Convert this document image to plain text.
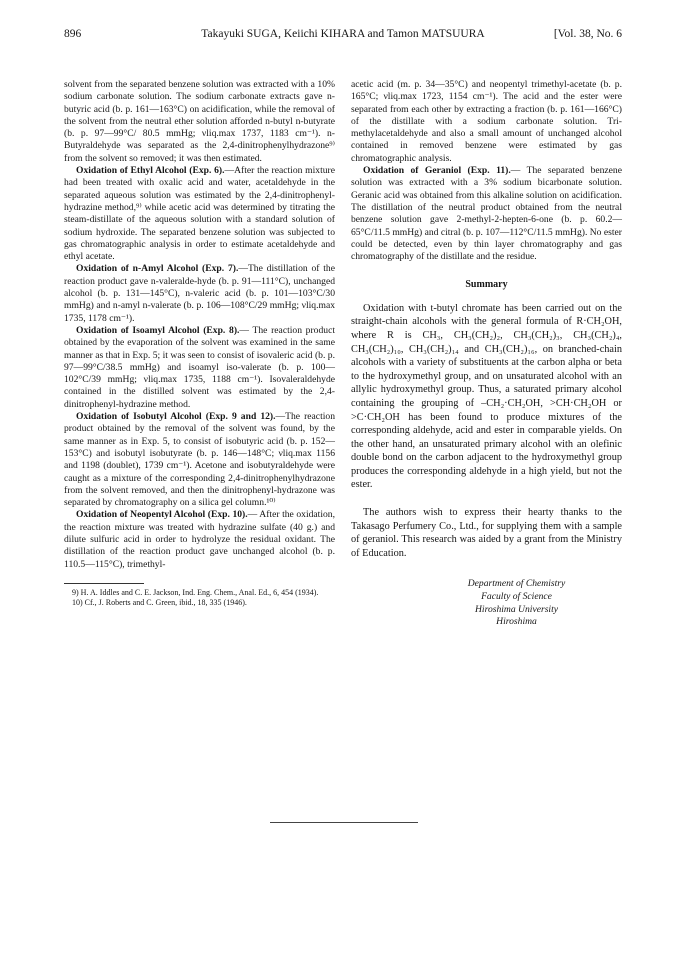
896	Takayuki SUGA, Keiichi KIHARA and Tamon MATSUURA	[Vol. 38, No. 6

solvent from the separated benzene solution was extracted with a 10% sodium carbonate solution. The sodium carbonate extracts gave n-butyric acid (b. p. 161—163°C) on acidification, while the removal of the solvent from the neutral ether solution afforded n-butyl n-butyrate (b. p. 97—99°C/ 80.5 mmHg; νliq.max 1737, 1183 cm⁻¹). n-Butyraldehyde was separated as the 2,4-dinitrophenylhydrazone⁹⁾ from the solvent so removed; it was then estimated.

Oxidation of Ethyl Alcohol (Exp. 6).—After the reaction mixture had been treated with oxalic acid and water, acetaldehyde in the separated aqueous solution was estimated by the 2,4-dinitrophenyl-hydrazine method,⁹⁾ while acetic acid was determined by titrating the steam-distillate of the aqueous solution with a standard solution of sodium hydroxide. The separated benzene solution was subjected to gas chromatographic analysis in order to estimate acetaldehyde and ethyl acetate.

Oxidation of n-Amyl Alcohol (Exp. 7).—The distillation of the reaction product gave n-valeralde-hyde (b. p. 91—111°C), unchanged alcohol (b. p. 131—145°C), n-valeric acid (b. p. 101—103°C/30 mmHg) and n-amyl n-valerate (b. p. 106—108°C/29 mmHg; νliq.max 1735, 1178 cm⁻¹).

Oxidation of Isoamyl Alcohol (Exp. 8).— The reaction product obtained by the evaporation of the solvent was examined in the same manner as that in Exp. 5; it was seen to consist of isovaleric acid (b. p. 97—99°C/38.5 mmHg) and isoamyl iso-valerate (b. p. 100—102°C/39 mmHg; νliq.max 1735, 1188 cm⁻¹). Isovaleraldehyde contained in the distilled solvent was estimated by the 2,4-dinitrophenyl-hydrazine method.

Oxidation of Isobutyl Alcohol (Exp. 9 and 12).—The reaction product obtained by the removal of the solvent was found, by the same manner as in Exp. 5, to consist of isobutyric acid (b. p. 152—153°C) and isobutyl isobutyrate (b. p. 146—148°C; νliq.max 1156 and 1198 (doublet), 1739 cm⁻¹). Acetone and isobutyraldehyde were caught as a mixture of the corresponding 2,4-dinitrophenylhydrazone from the solvent removed, and then the dinitrophenyl-hydrazone was separated by chromatography on a silica gel column.¹⁰⁾

Oxidation of Neopentyl Alcohol (Exp. 10).— After the oxidation, the reaction mixture was treated with hydrazine sulfate (40 g.) and dilute sulfuric acid in order to hydrolyze the residual oxidant. The distillation of the reaction product gave unchanged alcohol (b. p. 110.5—115°C), trimethyl-

9) H. A. Iddles and C. E. Jackson, Ind. Eng. Chem., Anal. Ed., 6, 454 (1934).

10) Cf., J. Roberts and C. Green, ibid., 18, 335 (1946).

acetic acid (m. p. 34—35°C) and neopentyl trimethyl-acetate (b. p. 165°C; νliq.max 1723, 1154 cm⁻¹). The acid and the ester were separated from each other by extracting a fraction (b. p. 161—166°C) of the distillate with a sodium carbonate solution. Tri-methylacetaldehyde and also a small amount of unchanged alcohol contained in removed benzene were estimated by gas chromatographic analysis.

Oxidation of Geraniol (Exp. 11).— The separated benzene solution was extracted with a 3% sodium bicarbonate solution. Geranic acid was obtained from this alkaline solution on acidification. The distillation of the neutral product obtained from the neutral benzene solution gave 2-methyl-2-hepten-6-one (b. p. 60.2—65°C/11.5 mmHg) and citral (b. p. 107—112°C/11.5 mmHg). No ester could be detected, even by thin layer chromatography and gas chromatography of the distillate and the residue.

Summary

Oxidation with t-butyl chromate has been carried out on the straight-chain alcohols with the general formula of R·CH₂OH, where R is CH₃, CH₃(CH₂)₂, CH₃(CH₂)₃, CH₃(CH₂)₄, CH₃(CH₂)₁₀, CH₃(CH₂)₁₄ and CH₃(CH₂)₁₆, on branched-chain alcohols with a variety of substituents at the carbon alpha or beta to the hydroxymethyl group, and on unsaturated alcohol with an allylic hydroxymethyl group. Thus, a saturated primary alcohol containing the grouping of –CH₂·CH₂OH, >CH·CH₂OH or >C·CH₂OH has been found to produce mixtures of the corresponding aldehyde, acid and ester in comparable yields. On the other hand, an unsaturated primary alcohol with an olefinic double bond on the carbon adjacent to the hydroxymethyl group produces the corresponding aldehyde in a high yield, but not the ester.

The authors wish to express their hearty thanks to the Takasago Perfumery Co., Ltd., for supplying them with a sample of geraniol. This research was aided by a grant from the Ministry of Education.

Department of Chemistry
Faculty of Science
Hiroshima University
Hiroshima
